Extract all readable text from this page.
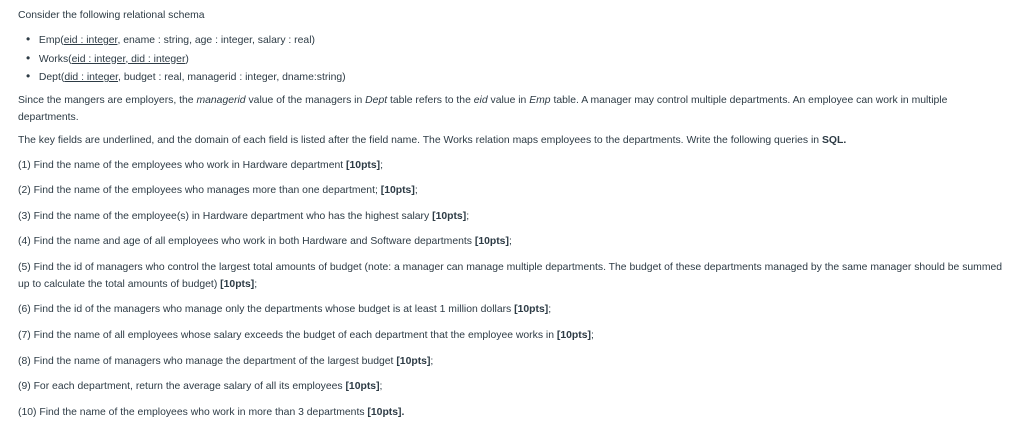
Consider the following relational schema

• Emp(eid : integer, ename : string, age : integer, salary : real)
• Works(eid : integer, did : integer)
• Dept(did : integer, budget : real, managerid : integer, dname:string)

Since the mangers are employers, the managerid value of the managers in Dept table refers to the eid value in Emp table. A manager may control multiple departments. An employee can work in multiple departments.

The key fields are underlined, and the domain of each field is listed after the field name. The Works relation maps employees to the departments. Write the following queries in SQL.

(1) Find the name of the employees who work in Hardware department [10pts];

(2) Find the name of the employees who manages more than one department; [10pts];

(3) Find the name of the employee(s) in Hardware department who has the highest salary [10pts];

(4) Find the name and age of all employees who work in both Hardware and Software departments [10pts];

(5) Find the id of managers who control the largest total amounts of budget (note: a manager can manage multiple departments. The budget of these departments managed by the same manager should be summed up to calculate the total amounts of budget) [10pts];

(6) Find the id of the managers who manage only the departments whose budget is at least 1 million dollars [10pts];

(7) Find the name of all employees whose salary exceeds the budget of each department that the employee works in [10pts];

(8) Find the name of managers who manage the department of the largest budget [10pts];

(9) For each department, return the average salary of all its employees [10pts];

(10) Find the name of the employees who work in more than 3 departments [10pts].
